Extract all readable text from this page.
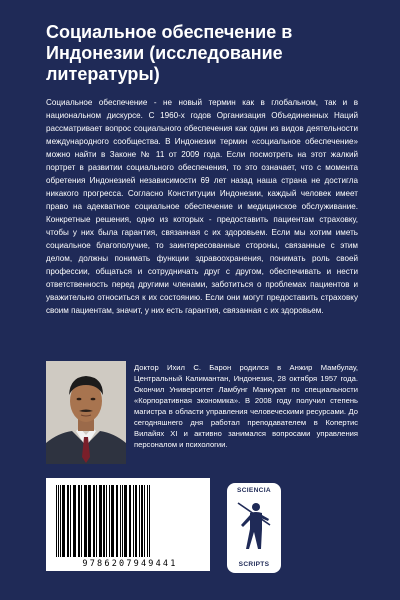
Социальное обеспечение в Индонезии (исследование литературы)

Социальное обеспечение - не новый термин как в глобальном, так и в национальном дискурсе. С 1960-х годов Организация Объединенных Наций рассматривает вопрос социального обеспечения как один из видов деятельности международного сообщества. В Индонезии термин «социальное обеспечение» можно найти в Законе № 11 от 2009 года. Если посмотреть на этот жалкий портрет в развитии социального обеспечения, то это означает, что с момента обретения Индонезией независимости 69 лет назад наша страна не достигла никакого прогресса. Согласно Конституции Индонезии, каждый человек имеет право на адекватное социальное обеспечение и медицинское обслуживание. Конкретные решения, одно из которых - предоставить пациентам страховку, чтобы у них была гарантия, связанная с их здоровьем. Если мы хотим иметь социальное благополучие, то заинтересованные стороны, связанные с этим делом, должны понимать функции здравоохранения, понимать роль своей профессии, общаться и сотрудничать друг с другом, обеспечивать и нести ответственность перед другими членами, заботиться о проблемах пациентов и уважительно относиться к их состоянию. Если они могут предоставить страховку своим пациентам, значит, у них есть гарантия, связанная с их здоровьем.

Доктор Ихил С. Барон родился в Анжир Мамбулау, Центральный Калимантан, Индонезия, 28 октября 1957 года. Окончил Университет Ламбунг Манкурат по специальности «Корпоративная экономика». В 2008 году получил степень магистра в области управления человеческими ресурсами. До сегодняшнего дня работал преподавателем в Копертис Вилайях XI и активно занимался вопросами управления персоналом и психологии.

9786207949441
SCIENCIA
SCRIPTS
